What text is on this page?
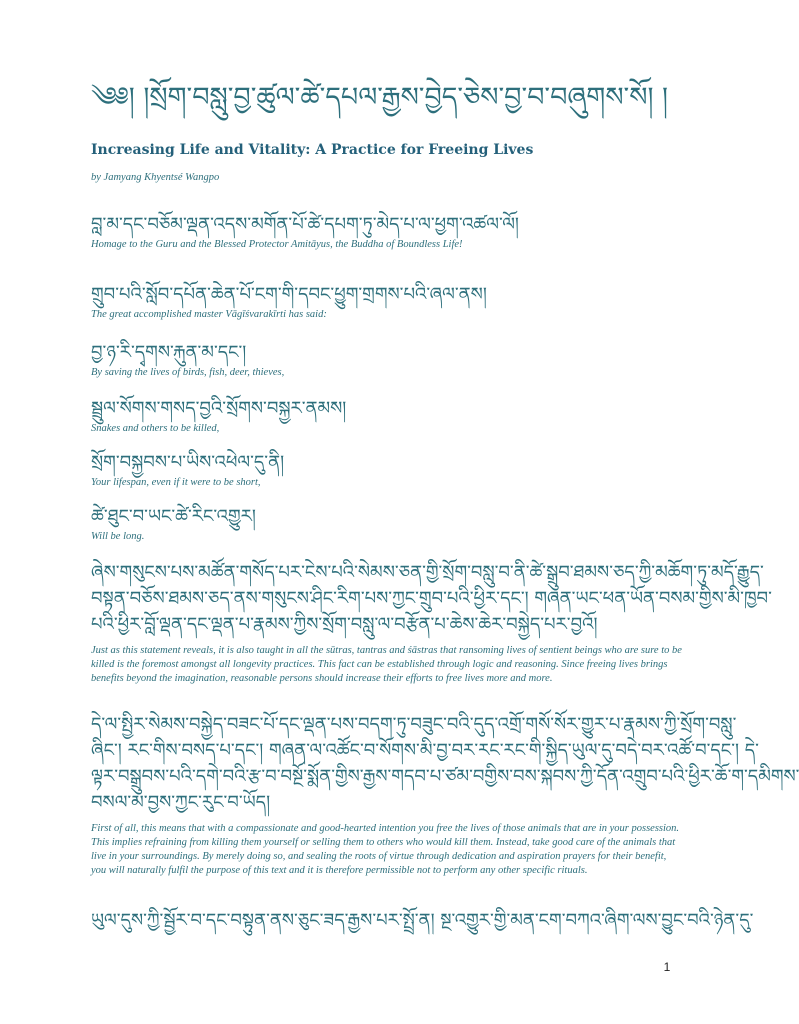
༄༅། །སྲོག་བསླུ་བྱ་ཚུལ་ཚེ་དཔལ་རྒྱས་བྱེད་ཅེས་བྱ་བ་བཞུགས་སོ། །
Increasing Life and Vitality: A Practice for Freeing Lives
by Jamyang Khyentsé Wangpo
བླ་མ་དང་བཅོམ་ལྡན་འདས་མགོན་པོ་ཚེ་དཔག་ཏུ་མེད་པ་ལ་ཕྱག་འཚལ་ལོ།
Homage to the Guru and the Blessed Protector Amitāyus, the Buddha of Boundless Life!
གྲུབ་པའི་སློབ་དཔོན་ཆེན་པོ་ངག་གི་དབང་ཕྱུག་གྲགས་པའི་ཞལ་ནས།
The great accomplished master Vāgīśvarakīrti has said:
བྱ་ཉ་རི་དྭགས་རྐུན་མ་དང་།
By saving the lives of birds, fish, deer, thieves,
སྦྲུལ་སོགས་གསད་བྱའི་སྲོགས་བསྐྱར་ནམས།
Snakes and others to be killed,
སྲོག་བསྐྱབས་པ་ཡིས་འཕེལ་དུ་ནི།
Your lifespan, even if it were to be short,
ཚེ་ཐུང་བ་ཡང་ཚེ་རིང་འགྱུར།
Will be long.
ཞེས་གསུངས་པས་མཚོན་གསོད་པར་ངེས་པའི་སེམས་ཅན་གྱི་སྲོག་བསླུ་བ་ནི་ཚེ་སྒྲུབ་ཐམས་ཅད་ཀྱི་མཆོག་ཏུ་མདོ་རྒྱུད་
བསྟན་བཅོས་ཐམས་ཅད་ནས་གསུངས་ཤིང་རིག་པས་ཀྱང་གྲུབ་པའི་ཕྱིར་དང་། གཞན་ཡང་ཕན་ཡོན་བསམ་གྱིས་མི་ཁྱབ་
པའི་ཕྱིར་བློ་ལྡན་དང་ལྡན་པ་རྣམས་ཀྱིས་སྲོག་བསླུ་ལ་བརྩོན་པ་ཆེས་ཆེར་བསྐྱེད་པར་བྱའོ།
Just as this statement reveals, it is also taught in all the sūtras, tantras and śāstras that ransoming lives of sentient beings who are sure to be killed is the foremost amongst all longevity practices. This fact can be established through logic and reasoning. Since freeing lives brings benefits beyond the imagination, reasonable persons should increase their efforts to free lives more and more.
དེ་ལ་སྤྱིར་སེམས་བསྐྱེད་བཟང་པོ་དང་ལྡན་པས་བདག་ཏུ་བཟུང་བའི་དུད་འགྲོ་གསོ་སོར་གྱུར་པ་རྣམས་ཀྱི་སྲོག་བསླུ་
ཞིང་། རང་གིས་བསད་པ་དང་། གཞན་ལ་འཚོང་བ་སོགས་མི་བྱ་བར་རང་རང་གི་སྐྱིད་ཡུལ་དུ་བདེ་བར་འཚོ་བ་དང་། དེ་
ལྟར་བསྒྲུབས་པའི་དགེ་བའི་རྩ་བ་བསྔོ་སྨོན་གྱིས་རྒྱས་གདབ་པ་ཙམ་བགྱིས་བས་སྐབས་ཀྱི་དོན་འགྲུབ་པའི་ཕྱིར་ཆོ་ག་དམིགས་
བསལ་མ་བྱས་ཀྱང་རུང་བ་ཡོད།
First of all, this means that with a compassionate and good-hearted intention you free the lives of those animals that are in your possession. This implies refraining from killing them yourself or selling them to others who would kill them. Instead, take good care of the animals that live in your surroundings. By merely doing so, and sealing the roots of virtue through dedication and aspiration prayers for their benefit, you will naturally fulfil the purpose of this text and it is therefore permissible not to perform any other specific rituals.
ཡུལ་དུས་ཀྱི་སྦྱོར་བ་དང་བསྟུན་ནས་ཅུང་ཟད་རྒྱས་པར་སྤྲོ་ན། སྔ་འགྱུར་གྱི་མན་ངག་བཀའ་ཞིག་ལས་བྱུང་བའི་ཉེན་དུ་
1
